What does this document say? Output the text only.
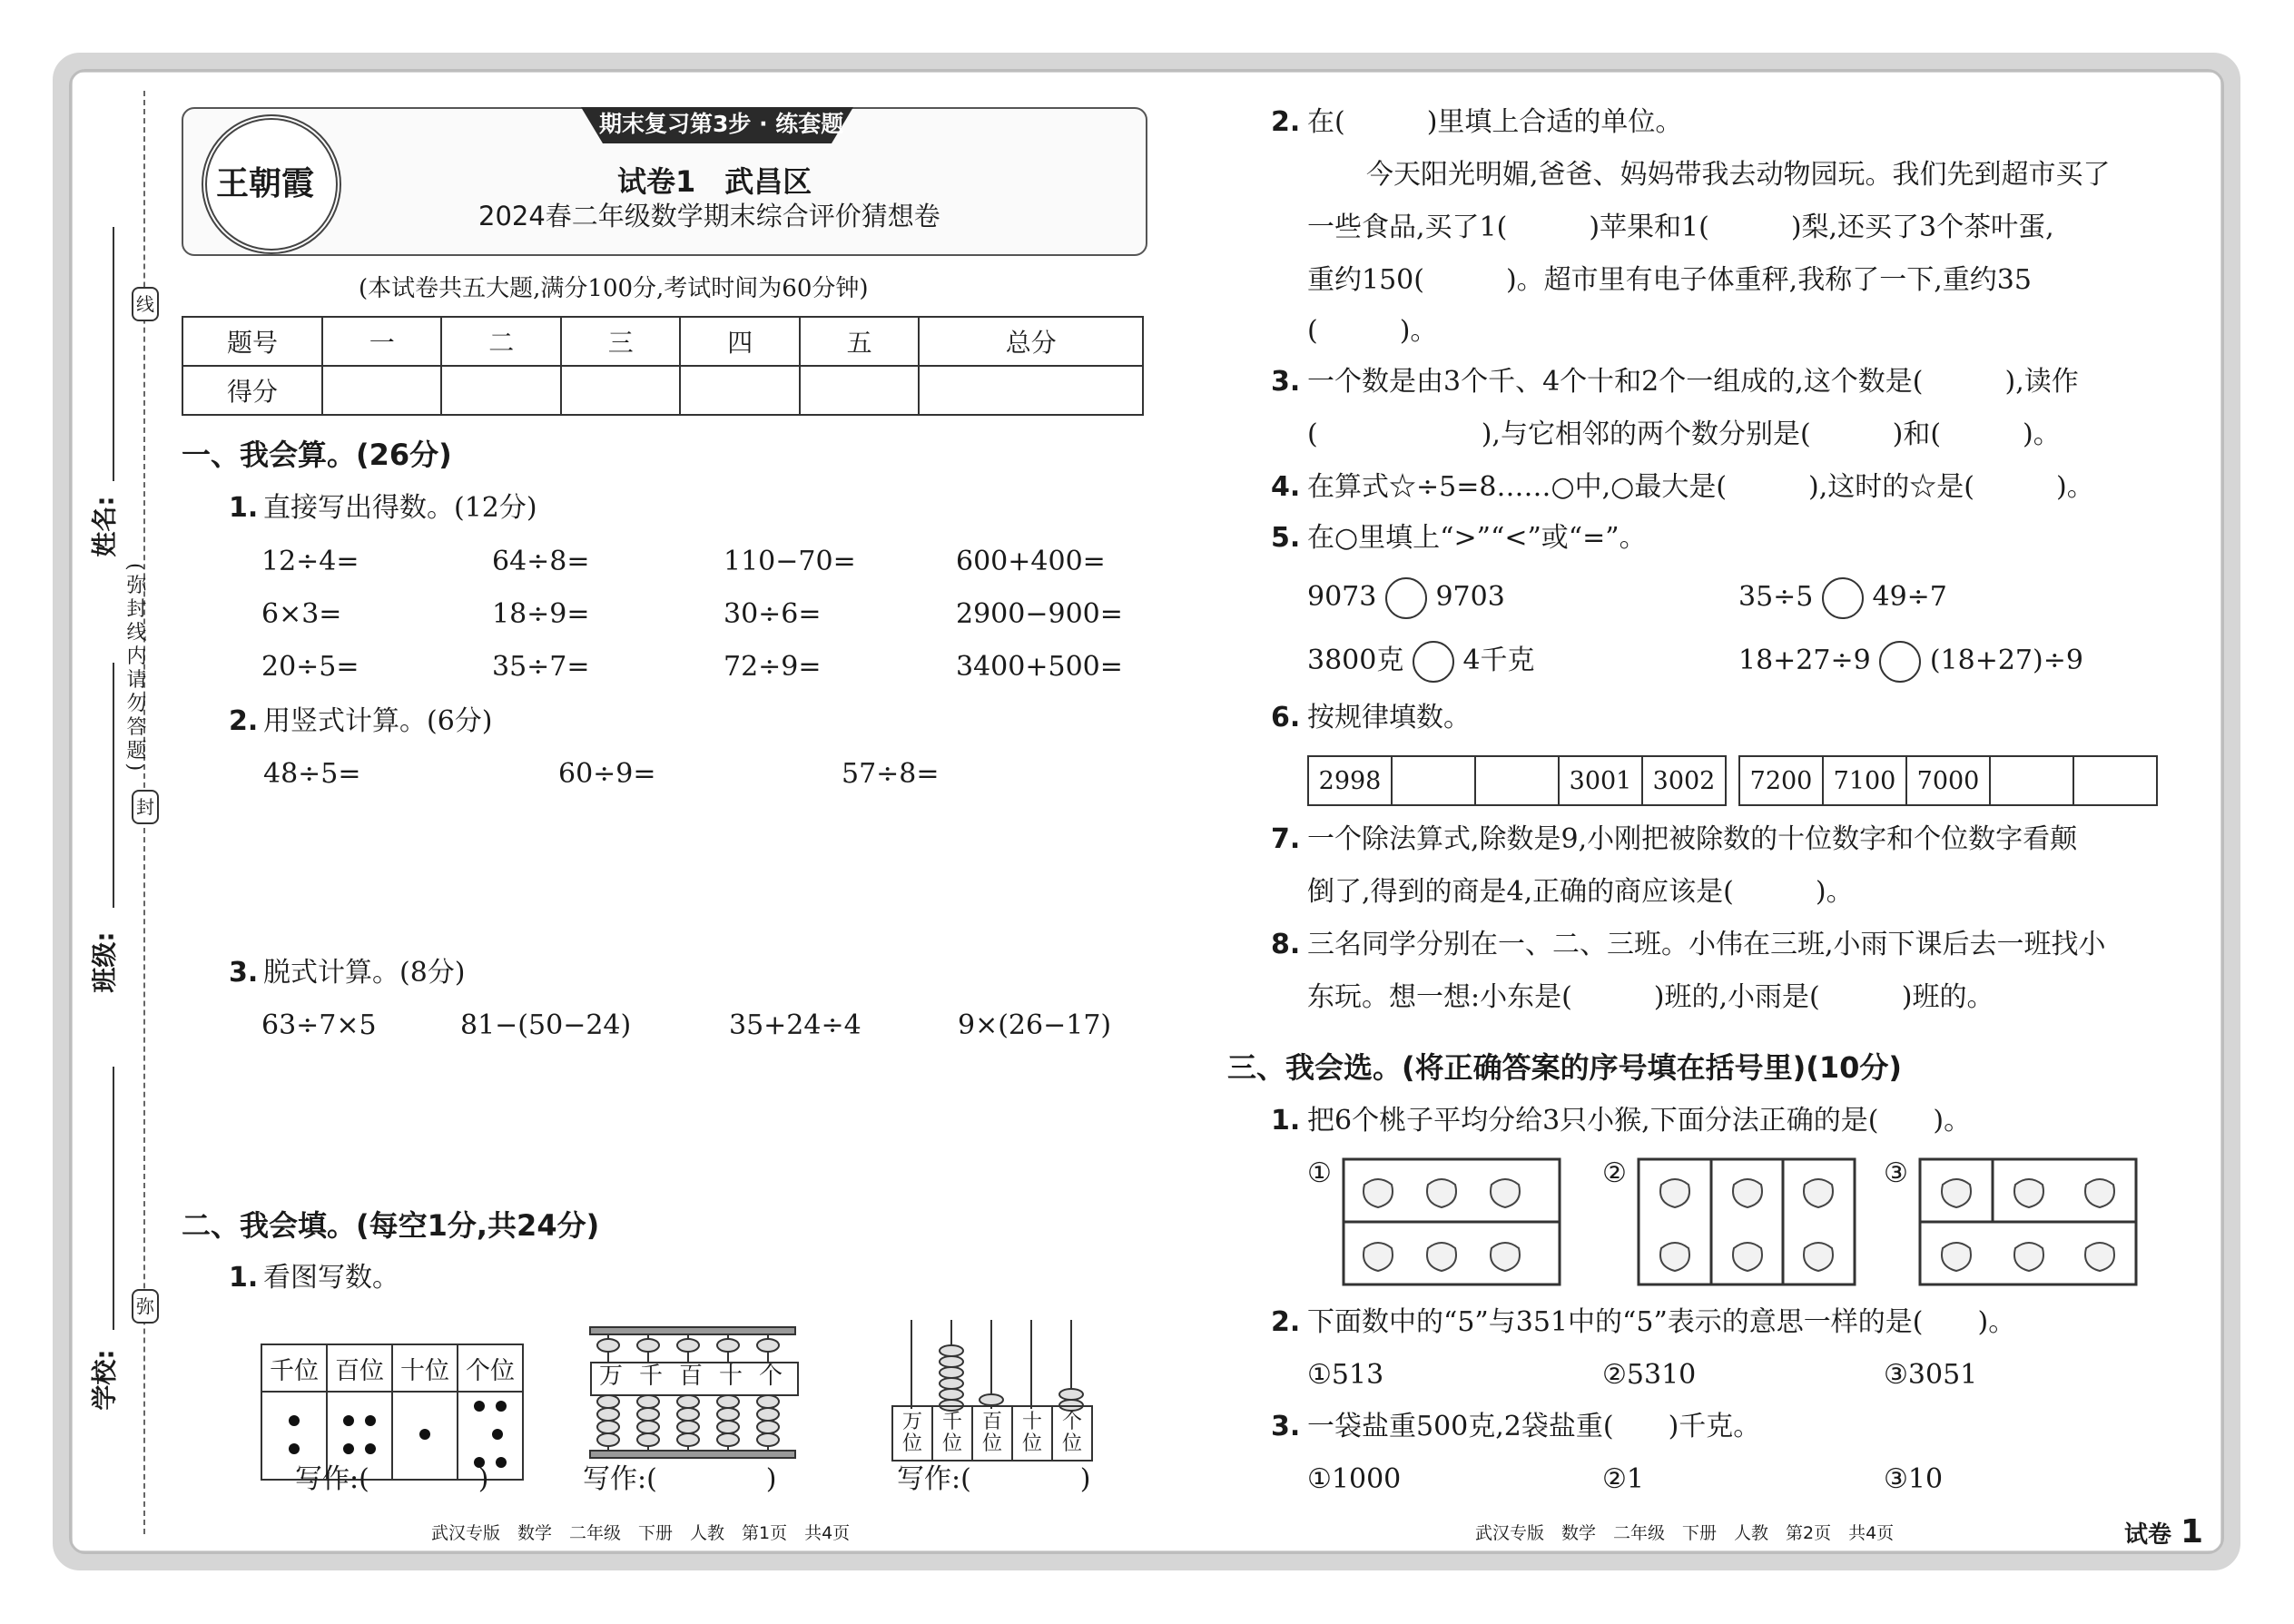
线
封
弥
(弥封线内请勿答题)
姓名:
班级:
学校:
期末复习第3步 · 练套题
王朝霞	试卷1　武昌区
2024春二年级数学期末综合评价猜想卷
(本试卷共五大题,满分100分,考试时间为60分钟)
题号	一	二	三	四	五	总分
得分						
一、我会算。(26分)
1. 直接写出得数。(12分)
12÷4=	64÷8=	110−70=	600+400=
6×3=	18÷9=	30÷6=	2900−900=
20÷5=	35÷7=	72÷9=	3400+500=
2. 用竖式计算。(6分)
48÷5=	60÷9=	57÷8=
3. 脱式计算。(8分)
63÷7×5	81−(50−24)	35+24÷4	9×(26−17)
二、我会填。(每空1分,共24分)
1. 看图写数。
千位	百位	十位	个位

写作:(　　　　)
万 千 百 十 个
写作:(　　　　)
万位	千位	百位	十位	个位
写作:(　　　　)
武汉专版　数学　二年级　下册　人教　第1页　共4页
2. 在(　　　)里填上合适的单位。
今天阳光明媚,爸爸、妈妈带我去动物园玩。我们先到超市买了
一些食品,买了1(　　　)苹果和1(　　　)梨,还买了3个茶叶蛋,
重约150(　　　)。超市里有电子体重秤,我称了一下,重约35
(　　　)。
3. 一个数是由3个千、4个十和2个一组成的,这个数是(　　　),读作
(　　　　　　),与它相邻的两个数分别是(　　　)和(　　　)。
4. 在算式☆÷5=8……○中,○最大是(　　　),这时的☆是(　　　)。
5. 在○里填上“>”“<”或“=”。
9073 9703	35÷5 49÷7
3800克 4千克	18+27÷9 (18+27)÷9
6. 按规律填数。
2998			3001	3002 7200	7100	7000		
7. 一个除法算式,除数是9,小刚把被除数的十位数字和个位数字看颠
倒了,得到的商是4,正确的商应该是(　　　)。
8. 三名同学分别在一、二、三班。小伟在三班,小雨下课后去一班找小
东玩。想一想:小东是(　　　)班的,小雨是(　　　)班的。
三、我会选。(将正确答案的序号填在括号里)(10分)
1. 把6个桃子平均分给3只小猴,下面分法正确的是(　　)。
①	②	③
2. 下面数中的“5”与351中的“5”表示的意思一样的是(　　)。
①513	②5310	③3051
3. 一袋盐重500克,2袋盐重(　　)千克。
①1000	②1	③10
武汉专版　数学　二年级　下册　人教　第2页　共4页	试卷 1
